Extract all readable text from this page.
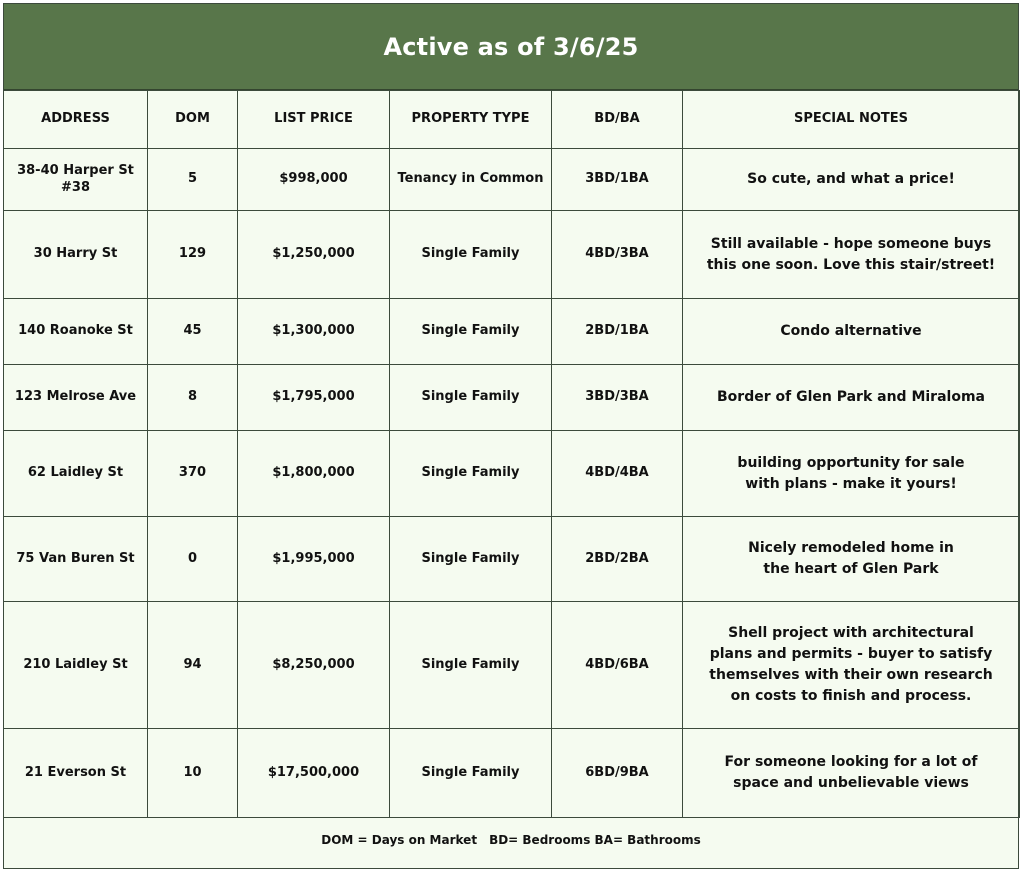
Active as of 3/6/25
ADDRESS	DOM	LIST PRICE	PROPERTY TYPE	BD/BA	SPECIAL NOTES
38-40 Harper St #38	5	$998,000	Tenancy in Common	3BD/1BA	So cute, and what a price!

30 Harry St	129	$1,250,000	Single Family	4BD/3BA	Still available - hope someone buys
this one soon. Love this stair/street!

140 Roanoke St	45	$1,300,000	Single Family	2BD/1BA	Condo alternative

123 Melrose Ave	8	$1,795,000	Single Family	3BD/3BA	Border of Glen Park and Miraloma

62 Laidley St	370	$1,800,000	Single Family	4BD/4BA	building opportunity for sale
with plans - make it yours!

75 Van Buren St	0	$1,995,000	Single Family	2BD/2BA	Nicely remodeled home in
the heart of Glen Park

210 Laidley St	94	$8,250,000	Single Family	4BD/6BA	Shell project with architectural
plans and permits - buyer to satisfy
themselves with their own research
on costs to finish and process.

21 Everson St	10	$17,500,000	Single Family	6BD/9BA	For someone looking for a lot of
space and unbelievable views
DOM = Days on Market BD= Bedrooms BA= Bathrooms
